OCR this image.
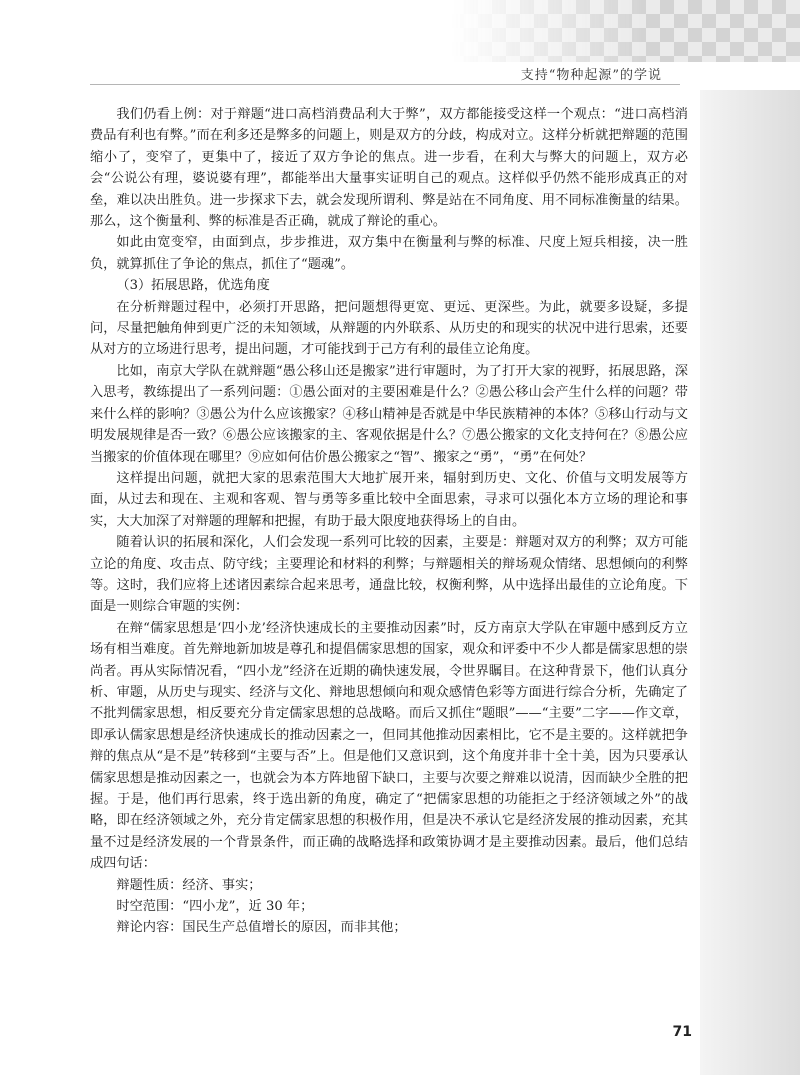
支持“物种起源”的学说

我们仍看上例：对于辩题“进口高档消费品利大于弊”，双方都能接受这样一个观点：“进口高档消费品有利也有弊。”而在利多还是弊多的问题上，则是双方的分歧，构成对立。这样分析就把辩题的范围缩小了，变窄了，更集中了，接近了双方争论的焦点。进一步看，在利大与弊大的问题上，双方必会“公说公有理，婆说婆有理”，都能举出大量事实证明自己的观点。这样似乎仍然不能形成真正的对垒，难以决出胜负。进一步探求下去，就会发现所谓利、弊是站在不同角度、用不同标准衡量的结果。那么，这个衡量利、弊的标准是否正确，就成了辩论的重心。

如此由宽变窄，由面到点，步步推进，双方集中在衡量利与弊的标准、尺度上短兵相接，决一胜负，就算抓住了争论的焦点，抓住了“题魂”。

（3）拓展思路，优选角度

在分析辩题过程中，必须打开思路，把问题想得更宽、更远、更深些。为此，就要多设疑，多提问，尽量把触角伸到更广泛的未知领域，从辩题的内外联系、从历史的和现实的状况中进行思索，还要从对方的立场进行思考，提出问题，才可能找到于己方有利的最佳立论角度。

比如，南京大学队在就辩题“愚公移山还是搬家”进行审题时，为了打开大家的视野，拓展思路，深入思考，教练提出了一系列问题：①愚公面对的主要困难是什么？②愚公移山会产生什么样的问题？带来什么样的影响？③愚公为什么应该搬家？④移山精神是否就是中华民族精神的本体？⑤移山行动与文明发展规律是否一致？⑥愚公应该搬家的主、客观依据是什么？⑦愚公搬家的文化支持何在？⑧愚公应当搬家的价值体现在哪里？⑨应如何估价愚公搬家之“智”、搬家之“勇”，“勇”在何处？

这样提出问题，就把大家的思索范围大大地扩展开来，辐射到历史、文化、价值与文明发展等方面，从过去和现在、主观和客观、智与勇等多重比较中全面思索，寻求可以强化本方立场的理论和事实，大大加深了对辩题的理解和把握，有助于最大限度地获得场上的自由。

随着认识的拓展和深化，人们会发现一系列可比较的因素，主要是：辩题对双方的利弊；双方可能立论的角度、攻击点、防守线；主要理论和材料的利弊；与辩题相关的辩场观众情绪、思想倾向的利弊等。这时，我们应将上述诸因素综合起来思考，通盘比较，权衡利弊，从中选择出最佳的立论角度。下面是一则综合审题的实例：

在辩“儒家思想是‘四小龙’经济快速成长的主要推动因素”时，反方南京大学队在审题中感到反方立场有相当难度。首先辩地新加坡是尊孔和提倡儒家思想的国家，观众和评委中不少人都是儒家思想的崇尚者。再从实际情况看，“四小龙”经济在近期的确快速发展，令世界瞩目。在这种背景下，他们认真分析、审题，从历史与现实、经济与文化、辩地思想倾向和观众感情色彩等方面进行综合分析，先确定了不批判儒家思想，相反要充分肯定儒家思想的总战略。而后又抓住“题眼”——“主要”二字——作文章，即承认儒家思想是经济快速成长的推动因素之一，但同其他推动因素相比，它不是主要的。这样就把争辩的焦点从“是不是”转移到“主要与否”上。但是他们又意识到，这个角度并非十全十美，因为只要承认儒家思想是推动因素之一，也就会为本方阵地留下缺口，主要与次要之辩难以说清，因而缺少全胜的把握。于是，他们再行思索，终于选出新的角度，确定了“把儒家思想的功能拒之于经济领域之外”的战略，即在经济领域之外，充分肯定儒家思想的积极作用，但是决不承认它是经济发展的推动因素，充其量不过是经济发展的一个背景条件，而正确的战略选择和政策协调才是主要推动因素。最后，他们总结成四句话：

辩题性质：经济、事实；

时空范围：“四小龙”，近 30 年；

辩论内容：国民生产总值增长的原因，而非其他；

71
